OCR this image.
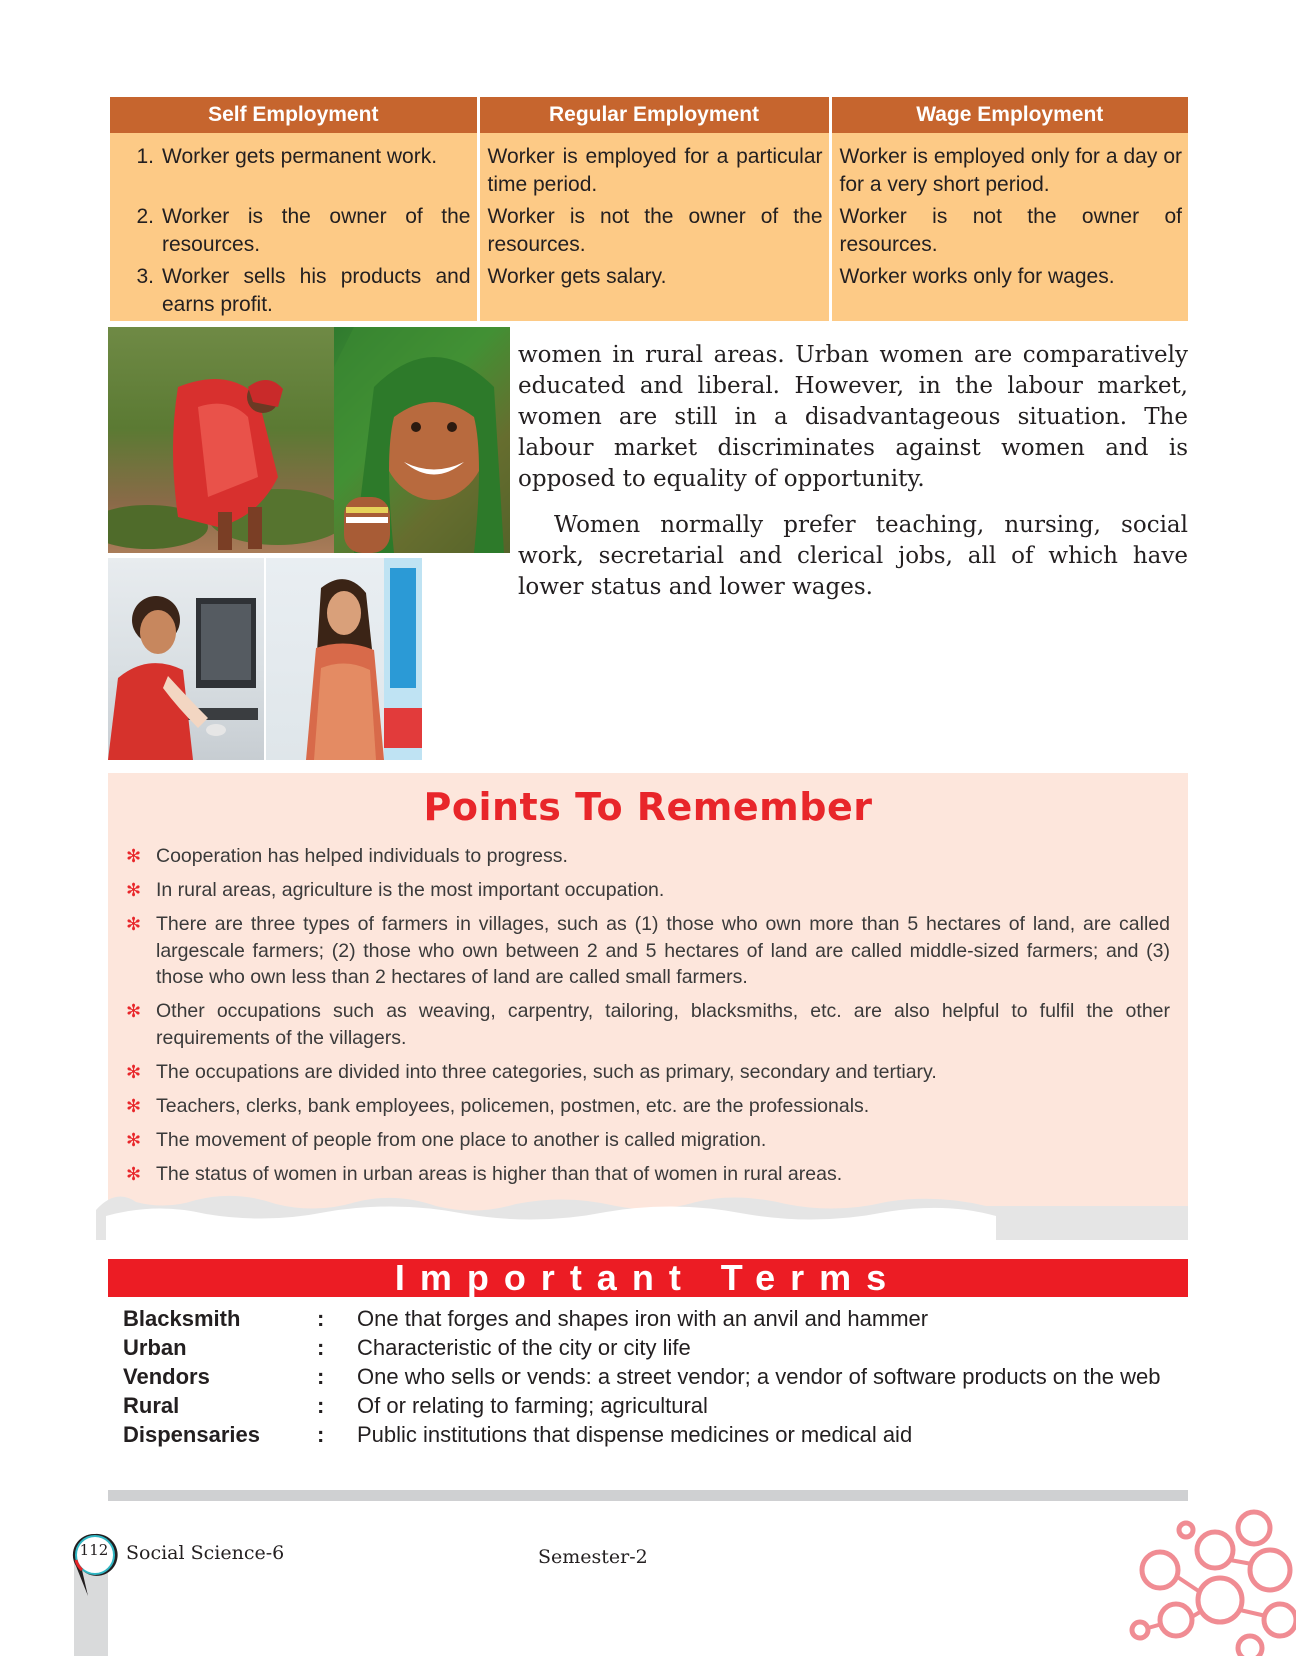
Self Employment	Regular Employment	Wage Employment

1. Worker gets permanent work.	Worker is employed for a particular time period.	Worker is employed only for a day or for a very short period.

2. Worker is the owner of the resources.	Worker is not the owner of the resources.	Worker is not the owner of resources.

3. Worker sells his products and earns profit.	Worker gets salary.	Worker works only for wages.

women in rural areas. Urban women are comparatively educated and liberal. However, in the labour market, women are still in a disadvantageous situation. The labour market discriminates against women and is opposed to equality of opportunity.

Women normally prefer teaching, nursing, social work, secretarial and clerical jobs, all of which have lower status and lower wages.

Points To Remember
✻ Cooperation has helped individuals to progress.
✻ In rural areas, agriculture is the most important occupation.
✻ There are three types of farmers in villages, such as (1) those who own more than 5 hectares of land, are called largescale farmers; (2) those who own between 2 and 5 hectares of land are called middle-sized farmers; and (3) those who own less than 2 hectares of land are called small farmers.
✻ Other occupations such as weaving, carpentry, tailoring, blacksmiths, etc. are also helpful to fulfil the other requirements of the villagers.
✻ The occupations are divided into three categories, such as primary, secondary and tertiary.
✻ Teachers, clerks, bank employees, policemen, postmen, etc. are the professionals.
✻ The movement of people from one place to another is called migration.
✻ The status of women in urban areas is higher than that of women in rural areas.
Important Terms
Blacksmith	:	One that forges and shapes iron with an anvil and hammer
Urban	:	Characteristic of the city or city life
Vendors	:	One who sells or vends: a street vendor; a vendor of software products on the web
Rural	:	Of or relating to farming; agricultural
Dispensaries	:	Public institutions that dispense medicines or medical aid
112 Social Science-6	Semester-2
